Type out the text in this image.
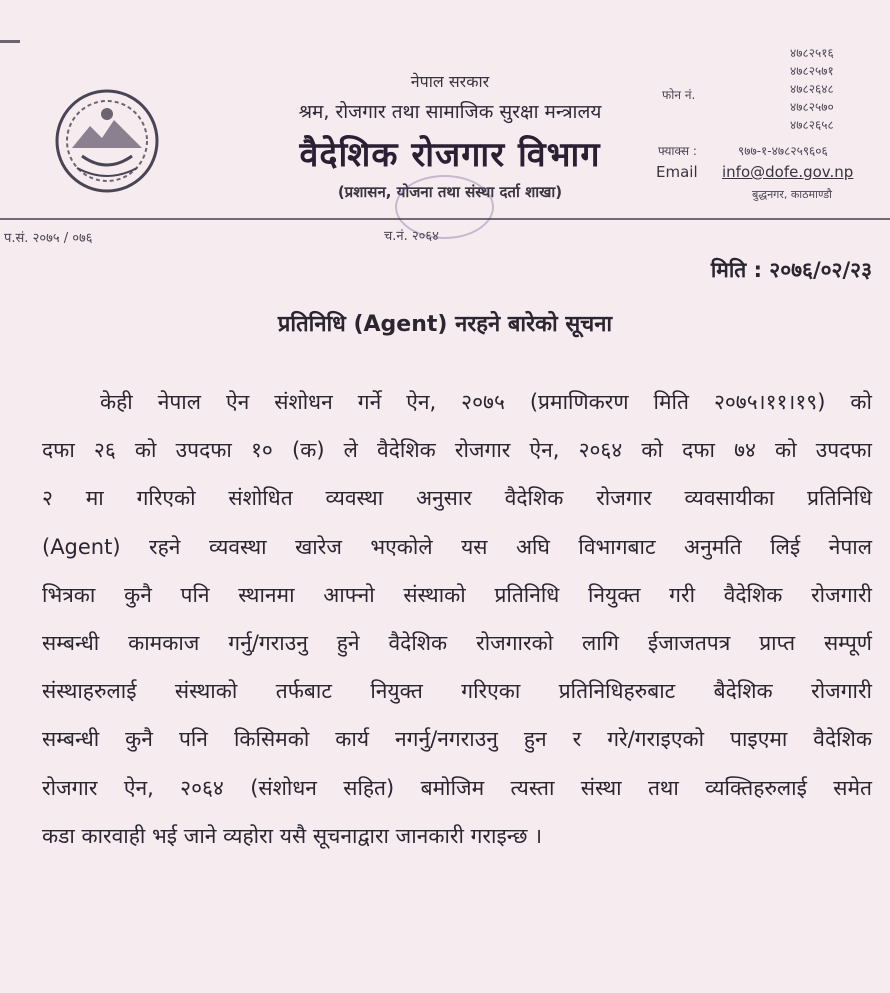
नेपाल सरकार
श्रम, रोजगार तथा सामाजिक सुरक्षा मन्त्रालय
वैदेशिक रोजगार विभाग
(प्रशासन, योजना तथा संस्था दर्ता शाखा)
फोन नं.
४७८२५१६
४७८२५७१
४७८२६४८
४७८२५७०
४७८२६५८
फ्याक्स :	९७७-१-४७८२५९६०६
Email info@dofe.gov.np
बुद्धनगर, काठमाण्डौ
प.सं. २०७५ / ०७६	च.नं. २०६४
मिति : २०७६/०२/२३
प्रतिनिधि (Agent) नरहने बारेको सूचना
केही नेपाल ऐन संशोधन गर्ने ऐन, २०७५ (प्रमाणिकरण मिति २०७५।११।१९) को
दफा २६ को उपदफा १० (क) ले वैदेशिक रोजगार ऐन, २०६४ को दफा ७४ को उपदफा
२ मा गरिएको संशोधित व्यवस्था अनुसार वैदेशिक रोजगार व्यवसायीका प्रतिनिधि
(Agent) रहने व्यवस्था खारेज भएकोले यस अघि विभागबाट अनुमति लिई नेपाल
भित्रका कुनै पनि स्थानमा आफ्नो संस्थाको प्रतिनिधि नियुक्त गरी वैदेशिक रोजगारी
सम्बन्धी कामकाज गर्नु/गराउनु हुने वैदेशिक रोजगारको लागि ईजाजतपत्र प्राप्त सम्पूर्ण
संस्थाहरुलाई संस्थाको तर्फबाट नियुक्त गरिएका प्रतिनिधिहरुबाट बैदेशिक रोजगारी
सम्बन्धी कुनै पनि किसिमको कार्य नगर्नु/नगराउनु हुन र गरे/गराइएको पाइएमा वैदेशिक
रोजगार ऐन, २०६४ (संशोधन सहित) बमोजिम त्यस्ता संस्था तथा व्यक्तिहरुलाई समेत
कडा कारवाही भई जाने व्यहोरा यसै सूचनाद्वारा जानकारी गराइन्छ ।
